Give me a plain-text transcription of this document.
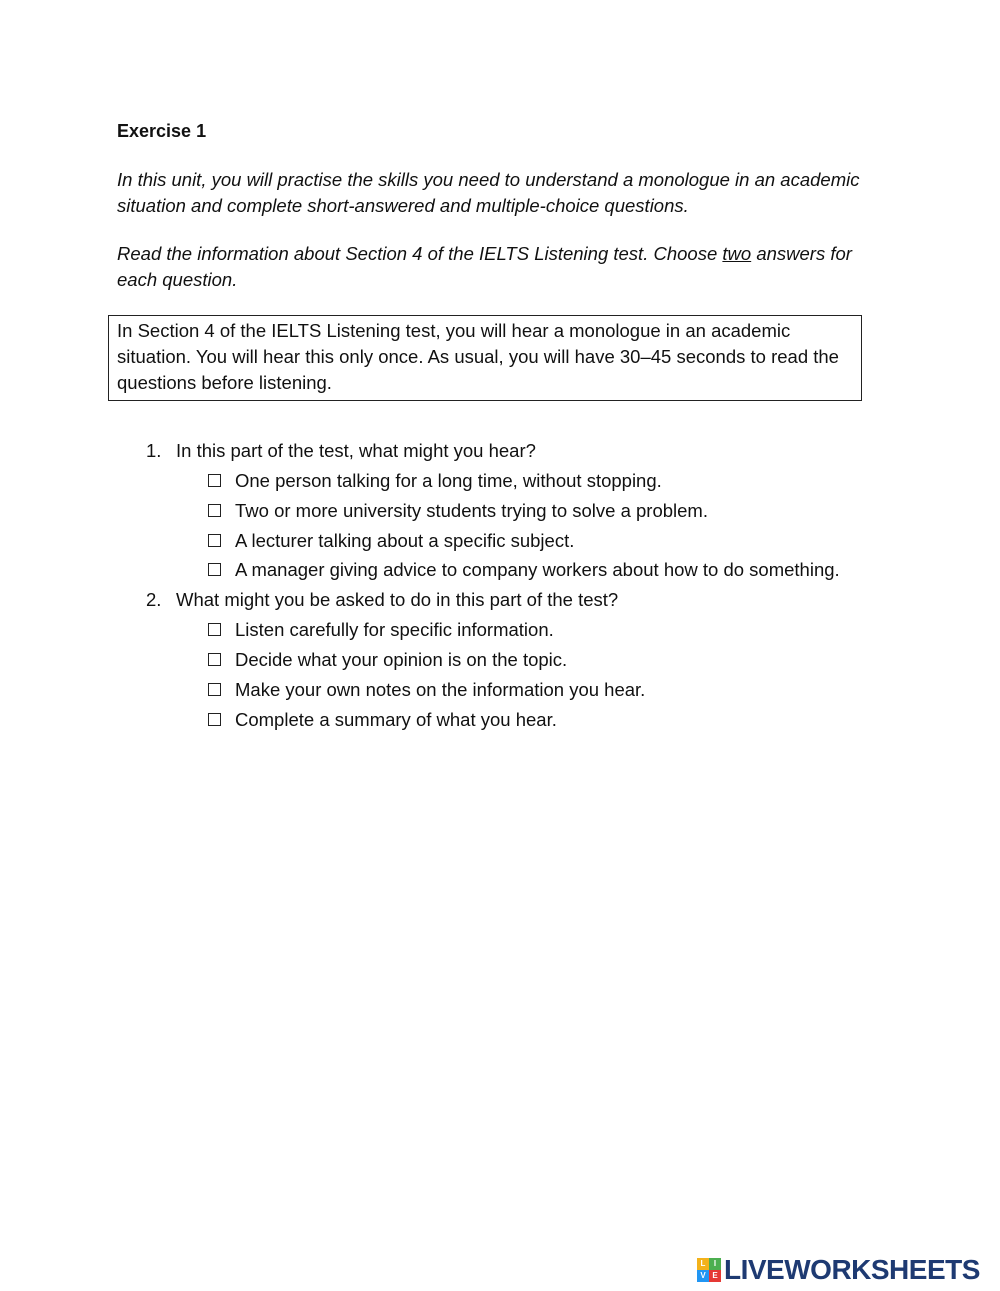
Exercise 1
In this unit, you will practise the skills you need to understand a monologue in an academic situation and complete short-answered and multiple-choice questions.
Read the information about Section 4 of the IELTS Listening test. Choose two answers for each question.
In Section 4 of the IELTS Listening test, you will hear a monologue in an academic situation. You will hear this only once. As usual, you will have 30–45 seconds to read the questions before listening.
1. In this part of the test, what might you hear?
One person talking for a long time, without stopping.
Two or more university students trying to solve a problem.
A lecturer talking about a specific subject.
A manager giving advice to company workers about how to do something.
2. What might you be asked to do in this part of the test?
Listen carefully for specific information.
Decide what your opinion is on the topic.
Make your own notes on the information you hear.
Complete a summary of what you hear.
L	I
V E LIVEWORKSHEETS
